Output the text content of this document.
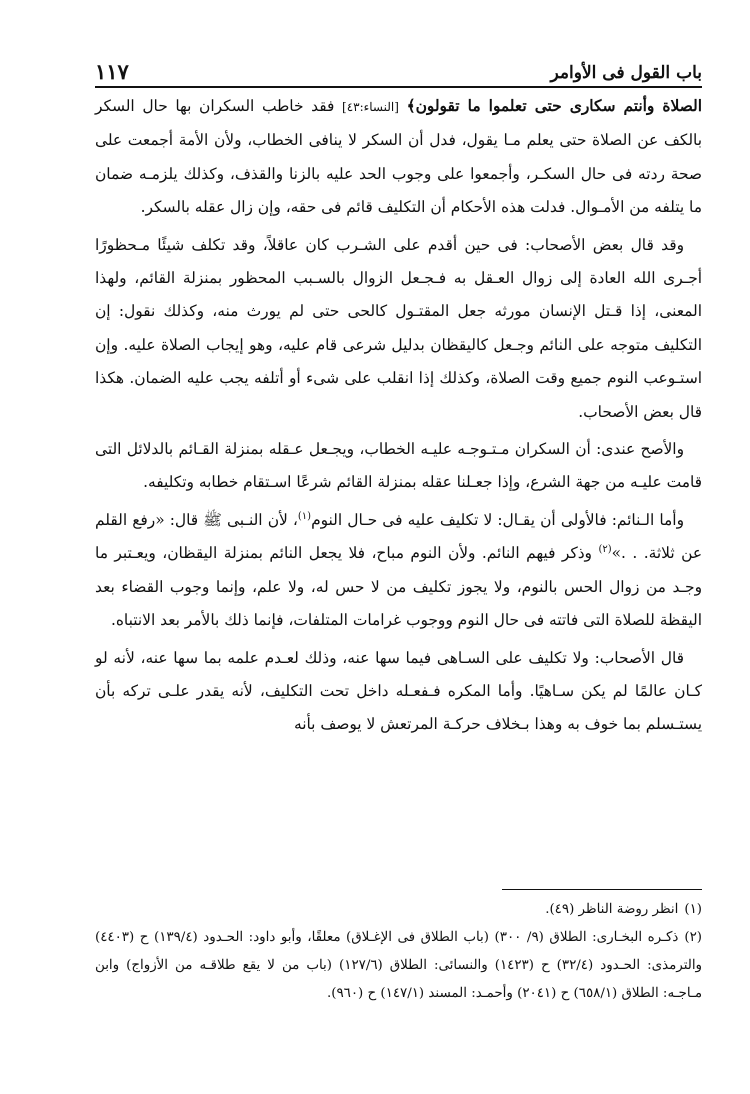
باب القول فى الأوامر
١١٧

الصلاة وأنتم سكارى حتى تعلموا ما تقولون﴾ [النساء:٤٣] فقد خاطب السكران بها حال السكر بالكف عن الصلاة حتى يعلم مـا يقول، فدل أن السكر لا ينافى الخطاب، ولأن الأمة أجمعت على صحة ردته فى حال السكـر، وأجمعوا على وجوب الحد عليه بالزنا والقذف، وكذلك يلزمـه ضمان ما يتلفه من الأمـوال. فدلت هذه الأحكام أن التكليف قائم فى حقه، وإن زال عقله بالسكر.

وقد قال بعض الأصحاب: فى حين أقدم على الشـرب كان عاقلاً، وقد تكلف شيئًا مـحظورًا أجـرى الله العادة إلى زوال العـقل به فـجـعل الزوال بالسـبب المحظور بمنزلة القائم، ولهذا المعنى، إذا قـتل الإنسان مورثه جعل المقتـول كالحى حتى لم يورث منه، وكذلك نقول: إن التكليف متوجه على النائم وجـعل كاليقظان بدليل شرعى قام عليه، وهو إيجاب الصلاة عليه. وإن استـوعب النوم جميع وقت الصلاة، وكذلك إذا انقلب على شىء أو أتلفه يجب عليه الضمان. هكذا قال بعض الأصحاب.

والأصح عندى: أن السكران مـتـوجـه عليـه الخطاب، ويجـعل عـقله بمنزلة القـائم بالدلائل التى قامت عليـه من جهة الشرع، وإذا جعـلنا عقله بمنزلة القائم شرعًا اسـتقام خطابه وتكليفه.

وأما الـنائم: فالأولى أن يقـال: لا تكليف عليه فى حـال النوم$^{(١)}$، لأن النـبى ﷺ قال: «رفع القلم عن ثلاثة. . .»$^{(٢)}$ وذكر فيهم النائم. ولأن النوم مباح، فلا يجعل النائم بمنزلة اليقظان، ويعـتبر ما وجـد من زوال الحس بالنوم، ولا يجوز تكليف من لا حس له، ولا علم، وإنما وجوب القضاء بعد اليقظة للصلاة التى فاتته فى حال النوم ووجوب غرامات المتلفات، فإنما ذلك بالأمر بعد الانتباه.

قال الأصحاب: ولا تكليف على السـاهى فيما سها عنه، وذلك لعـدم علمه بما سها عنه، لأنه لو كـان عالمًا لم يكن سـاهيًا. وأما المكره فـفعـله داخل تحت التكليف، لأنه يقدر علـى تركه بأن يستـسلم بما خوف به وهذا بـخلاف حركـة المرتعش لا يوصف بأنه

(١)انظر روضة الناظر (٤٩).

(٢)ذكـره البخـارى: الطلاق (٩/ ٣٠٠) (باب الطلاق فى الإغـلاق) معلقًا، وأبو داود: الحـدود (١٣٩/٤) ح (٤٤٠٣) والترمذى: الحـدود (٣٢/٤) ح (١٤٢٣) والنسائى: الطلاق (١٢٧/٦) (باب من لا يقع طلاقـه من الأزواج) وابن مـاجـه: الطلاق (٦٥٨/١) ح (٢٠٤١) وأحمـد: المسند (١٤٧/١) ح (٩٦٠).
